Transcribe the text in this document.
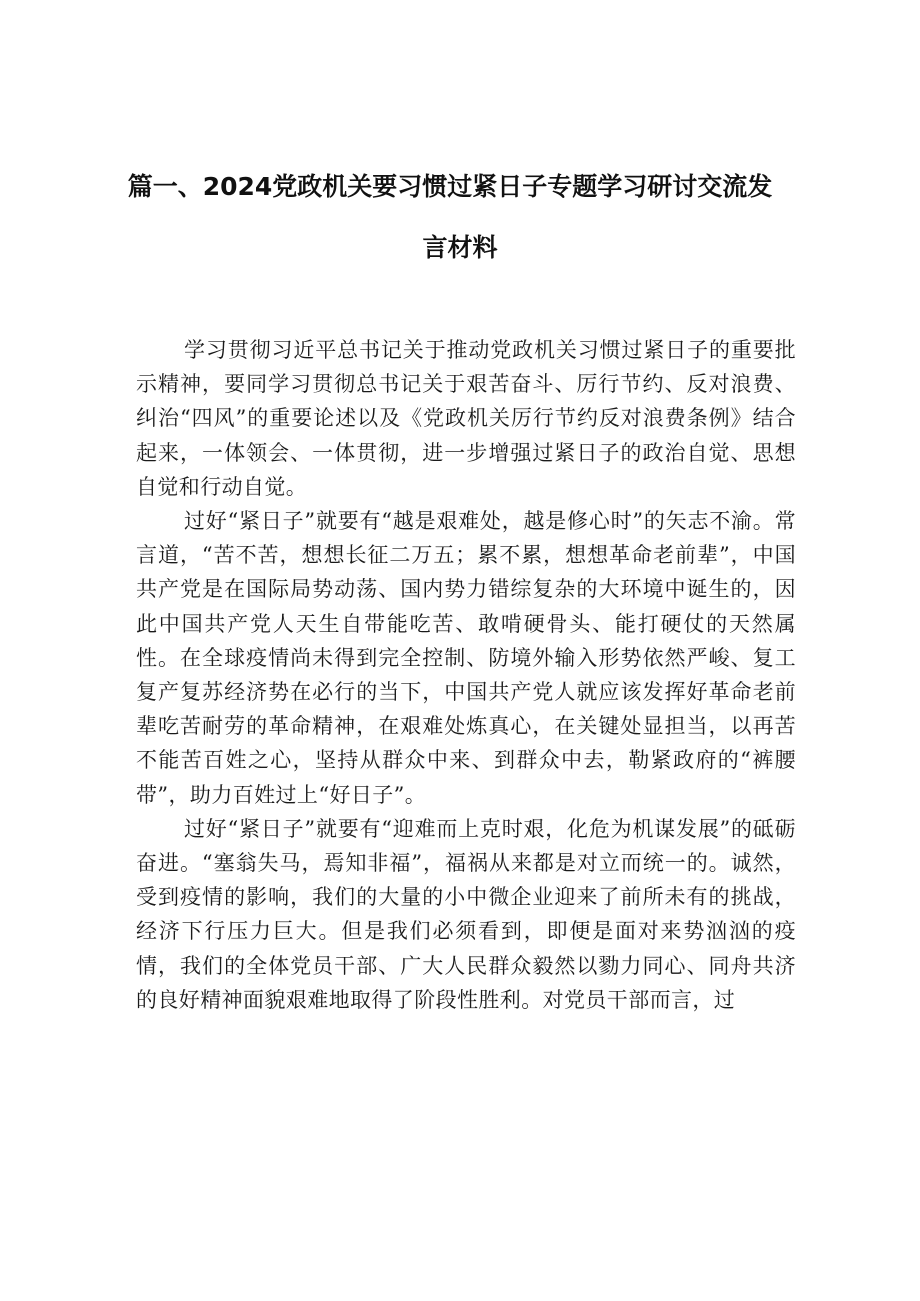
篇一、2024党政机关要习惯过紧日子专题学习研讨交流发
言材料

学习贯彻习近平总书记关于推动党政机关习惯过紧日子的重要批示精神，要同学习贯彻总书记关于艰苦奋斗、厉行节约、反对浪费、纠治“四风”的重要论述以及《党政机关厉行节约反对浪费条例》结合起来，一体领会、一体贯彻，进一步增强过紧日子的政治自觉、思想自觉和行动自觉。

过好“紧日子”就要有“越是艰难处，越是修心时”的矢志不渝。常言道，“苦不苦，想想长征二万五；累不累，想想革命老前辈”，中国共产党是在国际局势动荡、国内势力错综复杂的大环境中诞生的，因此中国共产党人天生自带能吃苦、敢啃硬骨头、能打硬仗的天然属性。在全球疫情尚未得到完全控制、防境外输入形势依然严峻、复工复产复苏经济势在必行的当下，中国共产党人就应该发挥好革命老前辈吃苦耐劳的革命精神，在艰难处炼真心，在关键处显担当，以再苦不能苦百姓之心，坚持从群众中来、到群众中去，勒紧政府的“裤腰带”，助力百姓过上“好日子”。

过好“紧日子”就要有“迎难而上克时艰，化危为机谋发展”的砥砺奋进。“塞翁失马，焉知非福”，福祸从来都是对立而统一的。诚然，受到疫情的影响，我们的大量的小中微企业迎来了前所未有的挑战，经济下行压力巨大。但是我们必须看到，即便是面对来势汹汹的疫情，我们的全体党员干部、广大人民群众毅然以勠力同心、同舟共济的良好精神面貌艰难地取得了阶段性胜利。对党员干部而言，过
